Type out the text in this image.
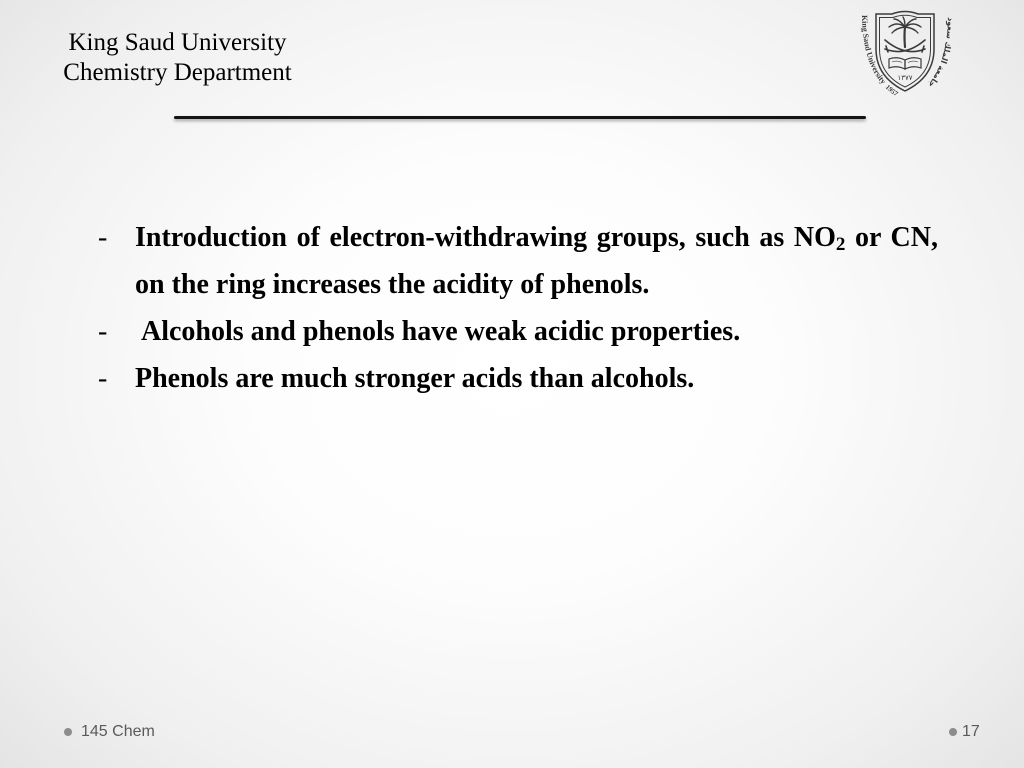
King Saud University
Chemistry Department	١٣٧٧
King Saud University
1957
جامعة الملك سعود
- Introduction of electron-withdrawing groups, such as $NO_2$ or CN,
on the ring increases the acidity of phenols.
- Alcohols and phenols have weak acidic properties.
- Phenols are much stronger acids than alcohols.
145 Chem	17
